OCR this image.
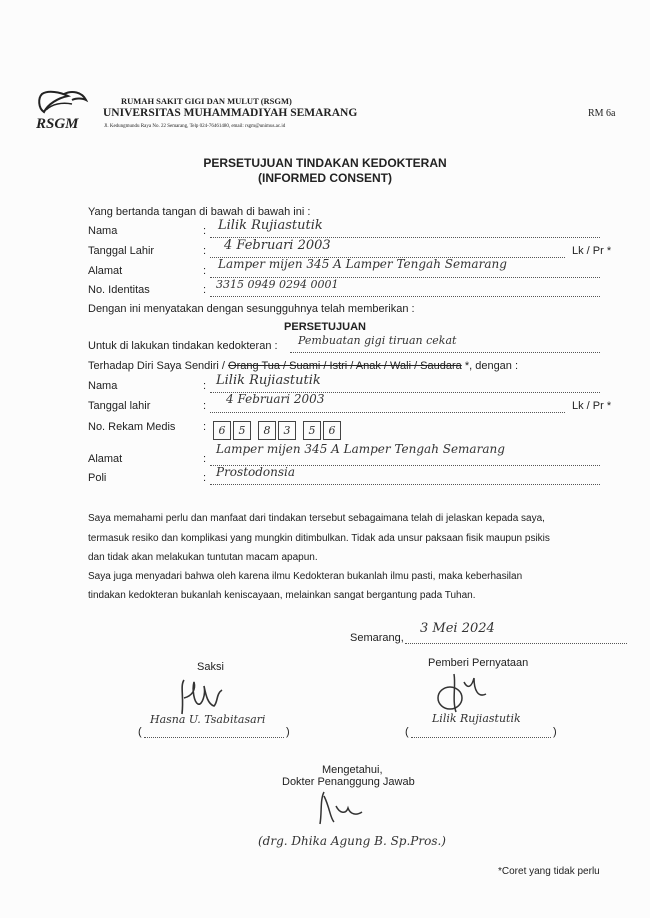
RSGM
RUMAH SAKIT GIGI DAN MULUT (RSGM)
UNIVERSITAS MUHAMMADIYAH SEMARANG
Jl. Kedungmundu Raya No. 22 Semarang, Telp 024-76461480, email: rsgm@unimus.ac.id
RM 6a
PERSETUJUAN TINDAKAN KEDOKTERAN
(INFORMED CONSENT)
Yang bertanda tangan di bawah di bawah ini :
Nama	: Lilik Rujiastutik
Tanggal Lahir	: 4 Februari 2003	Lk / Pr *
Alamat	: Lamper mijen 345 A Lamper Tengah Semarang
No. Identitas	: 3315 0949 0294 0001
Dengan ini menyatakan dengan sesungguhnya telah memberikan :
PERSETUJUAN
Untuk di lakukan tindakan kedokteran : Pembuatan gigi tiruan cekat
Terhadap Diri Saya Sendiri / Orang Tua / Suami / Istri / Anak / Wali / Saudara *, dengan :
Nama	: Lilik Rujiastutik
Tanggal lahir	: 4 Februari 2003	Lk / Pr *
No. Rekam Medis	:	6	5	8	3	5	6
Alamat	:
Lamper mijen 345 A Lamper Tengah Semarang
Poli	: Prostodonsia
Saya memahami perlu dan manfaat dari tindakan tersebut sebagaimana telah di jelaskan kepada saya,
termasuk resiko dan komplikasi yang mungkin ditimbulkan. Tidak ada unsur paksaan fisik maupun psikis
dan tidak akan melakukan tuntutan macam apapun.
Saya juga menyadari bahwa oleh karena ilmu Kedokteran bukanlah ilmu pasti, maka keberhasilan
tindakan kedokteran bukanlah keniscayaan, melainkan sangat bergantung pada Tuhan.
Semarang,
3 Mei 2024
Saksi
(
Hasna U. Tsabitasari
)
Pemberi Pernyataan
(
Lilik Rujiastutik
)
Mengetahui,
Dokter Penanggung Jawab
(drg. Dhika Agung B. Sp.Pros.)
*Coret yang tidak perlu
